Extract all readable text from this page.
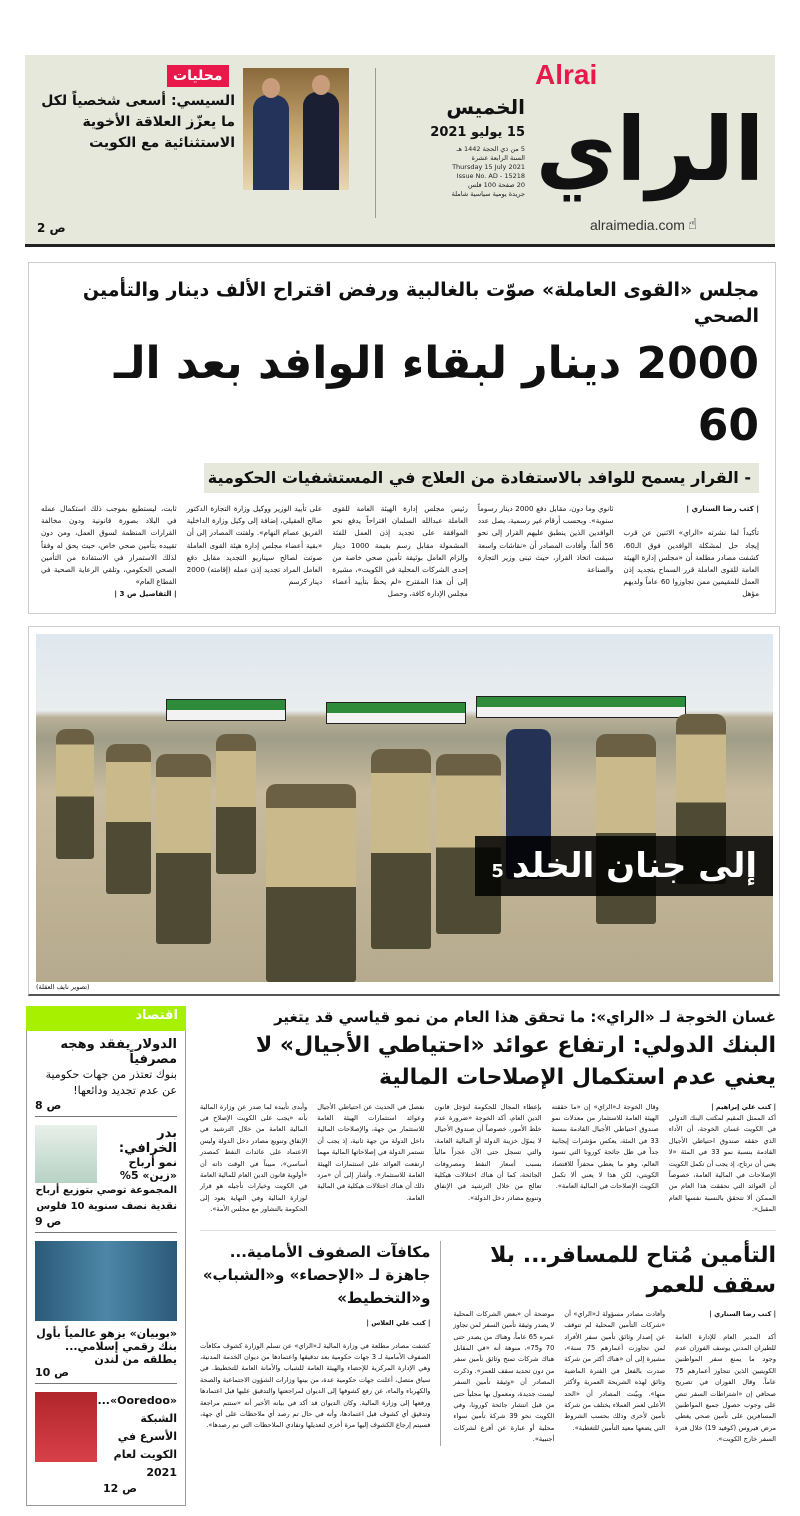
الراي
Alrai
alraimedia.com ☝
الخميس
15 يوليو 2021
5 من ذي الحجة 1442 هـ
السنة الرابعة عشرة
Thursday 15 July 2021
Issue No. AD - 15218
20 صفحة 100 فلس
جريدة يومية سياسية شاملة
محليات
السيسي: أسعى شخصياً لكل ما يعزّز العلاقة الأخوية الاستثنائية مع الكويت
ص 2
مجلس «القوى العاملة» صوّت بالغالبية ورفض اقتراح الألف دينار والتأمين الصحي
2000 دينار لبقاء الوافد بعد الـ 60
- القرار يسمح للوافد بالاستفادة من العلاج في المستشفيات الحكومية
| كتب رضا السناري |

تأكيداً لما نشرته «الراي» الاثنين عن قرب إيجاد حل لمشكلة الوافدين فوق الـ60، كشفت مصادر مطلعة أن «مجلس إدارة الهيئة العامة للقوى العاملة قرر السماح بتجديد إذن العمل للمقيمين ممن تجاوزوا 60 عاماً ولديهم مؤهل
ثانوي وما دون، مقابل دفع 2000 دينار رسوماً سنوية». وبحسب أرقام غير رسمية، يصل عدد الوافدين الذين ينطبق عليهم القرار إلى نحو 56 ألفاً. وأفادت المصادر أن «نقاشات واسعة سبقت اتخاذ القرار، حيث تبنى وزير التجارة والصناعة
رئيس مجلس إدارة الهيئة العامة للقوى العاملة عبدالله السلمان اقتراحاً يدفع نحو الموافقة على تجديد إذن العمل للفئة المشمولة مقابل رسم بقيمة 1000 دينار وإلزام العامل بوثيقة تأمين صحي خاصة من إحدى الشركات المحلية في الكويت»، مشيرة إلى أن هذا المقترح «لم يحظَ بتأييد أعضاء مجلس الإدارة كافة، وحصل
على تأييد الوزير ووكيل وزارة التجارة الدكتور صالح العقيلي، إضافة إلى وكيل وزارة الداخلية الفريق عصام النهام». ولفتت المصادر إلى أن «بقية أعضاء مجلس إدارة هيئة القوى العاملة صوتت لصالح سيناريو التجديد مقابل دفع العامل المراد تجديد إذن عمله (إقامته) 2000 دينار كرسم
ثابت، ليستطيع بموجب ذلك استكمال عمله في البلاد بصورة قانونية ودون مخالفة القرارات المنظمة لسوق العمل، ومن دون تقييده بتأمين صحي خاص، حيث يحق له وفقاً لذلك الاستمرار في الاستفادة من التأمين الصحي الحكومي، وتلقي الرعاية الصحية في القطاع العام»
| التفاصيل ص 3 |
إلى جنان الخلد5
(تصوير نايف العقلة)
غسان الخوجة لـ «الراي»: ما تحقق هذا العام من نمو قياسي قد يتغير
البنك الدولي: ارتفاع عوائد «احتياطي الأجيال» لا يعني عدم استكمال الإصلاحات المالية
| كتب علي إبراهيم |
أكد الممثل المقيم لمكتب البنك الدولي في الكويت غسان الخوجة، أن الأداء الذي حققه صندوق احتياطي الأجيال القادمة بنسبة نمو 33 في المئة «لا يعني أن نرتاح، إذ يجب أن تكمل الكويت الإصلاحات في المالية العامة، خصوصاً أن العوائد التي تحققت هذا العام من الممكن ألا تتحقق بالنسبة نفسها العام المقبل».
وقال الخوجة لـ«الراي» إن «ما حققته الهيئة العامة للاستثمار من معدلات نمو صندوق احتياطي الأجيال القادمة بنسبة 33 في المئة، يعكس مؤشرات إيجابية جداً في ظل جائحة كورونا التي تسود العالم، وهو ما يعطي محفزاً للاقتصاد الكويتي، لكن هذا لا يعني ألا تكمل الكويت الإصلاحات في المالية العامة».
بإعطاء المجال للحكومة لتؤجل قانون الدين العام، أكد الخوجة «ضرورة عدم خلط الأمور، خصوصاً أن صندوق الأجيال لا يموّل خزينة الدولة أو المالية العامة، والتي تسجل حتى الآن عجزاً مالياً بسبب أسعار النفط ومصروفات الجائحة، كما أن هناك اختلالات هيكلية تعالج من خلال الترشيد في الإنفاق وتنويع مصادر دخل الدولة».
نفصل في الحديث عن احتياطي الأجيال وعوائد استثمارات الهيئة العامة للاستثمار من جهة، والإصلاحات المالية داخل الدولة من جهة ثانية، إذ يجب أن تستمر الدولة في إصلاحاتها المالية مهما ارتفعت العوائد على استثمارات الهيئة العامة للاستثمار». وأشار إلى أن «مرد ذلك أن هناك اختلالات هيكلية في المالية العامة.
وأبدى تأييده لما صدر عن وزارة المالية بأنه «يجب على الكويت الإصلاح في المالية العامة من خلال الترشيد في الإنفاق وتنويع مصادر دخل الدولة وليس الاعتماد على عائدات النفط كمصدر أساسي»، مبيناً في الوقت ذاته أن «أولوية قانون الدين العام للمالية العامة في الكويت وخيارات تأجيله هو قرار لوزارة المالية وفي النهاية يعود إلى الحكومة بالتشاور مع مجلس الأمة».
التأمين مُتاح للمسافر... بلا سقف للعمر
| كتب رضا السناري |

أكد المدير العام للإدارة العامة للطيران المدني يوسف الفوزان عدم وجود ما يمنع سفر المواطنين الكويتيين الذين تتجاوز أعمارهم 75 عاماً. وقال الفوزان في تصريح صحافي إن «اشتراطات السفر تنص على وجوب حصول جميع المواطنين المسافرين على تأمين صحي يغطي مرض فيروس (كوفيد 19) خلال فترة السفر خارج الكويت».
وأفادت مصادر مسؤولة لـ«الراي» أن «شركات التأمين المحلية لم تتوقف عن إصدار وثائق تأمين سفر الأفراد لمن تجاوزت أعمارهم 75 سنة»، مشيرة إلى أن «هناك أكثر من شركة صدرت بالفعل في الفترة الماضية وثائق لهذه الشريحة العمرية ولأكثر منها». وبيّنت المصادر أن «الحد الأعلى لعمر العملاء يختلف من شركة تأمين لأخرى وذلك بحسب الشروط التي يضعها معيد التأمين للتغطية».
موضحة أن «بعض الشركات المحلية لا يصدر وثيقة تأمين السفر لمن تجاوز عمره 65 عاماً، وهناك من يصدر حتى 70 و75»، منوهة أنه «في المقابل هناك شركات تمنح وثائق تأمين سفر من دون تحديد سقف للعمر». وذكرت المصادر أن «وثيقة تأمين السفر ليست جديدة، ومعمول بها محلياً حتى من قبل انتشار جائحة كورونا، وفي الكويت نحو 39 شركة تأمين سواء محلية أو عبارة عن أفرع لشركات أجنبية».
مكافآت الصفوف الأمامية... جاهزة لـ «الإحصاء» و«الشباب» و«التخطيط»
| كتب علي العلاس |

كشفت مصادر مطلعة في وزارة المالية لـ«الراي» عن تسلم الوزارة كشوف مكافآت الصفوف الأمامية لـ 3 جهات حكومية بعد تدقيقها واعتمادها من ديوان الخدمة المدنية، وهي الإدارة المركزية للإحصاء والهيئة العامة للشباب والأمانة العامة للتخطيط. في سياق متصل، أعلنت جهات حكومية عدة، من بينها وزارات الشؤون الاجتماعية والصحة والكهرباء والماء، عن رفع كشوفها إلى الديوان لمراجعتها والتدقيق عليها قبل اعتمادها ورفعها إلى وزارة المالية. وكان الديوان قد أكد في بيانه الأخير أنه «ستتم مراجعة وتدقيق أي كشوف قبل اعتمادها، وأنه في حال تم رصد أي ملاحظات على أي جهة، فسيتم إرجاع الكشوف إليها مرة أخرى لتعديلها وتفادي الملاحظات التي تم رصدها».
اقتصاد
الدولار يفقد وهجه مصرفياً
بنوك تعتذر من جهات حكومية عن عدم تجديد ودائعها!
ص 8
بدر الخرافي:
نمو أرباح «زين» 5%
المجموعة توصي بتوزيع أرباح نقدية نصف سنوية 10 فلوس
ص 9
«بوبيان» يزهو عالمياً بأول بنك رقمي إسلامي... يطلقه من لندن
ص 10
«Ooredoo»... الشبكة الأسرع في الكويت لعام 2021
ص 12
